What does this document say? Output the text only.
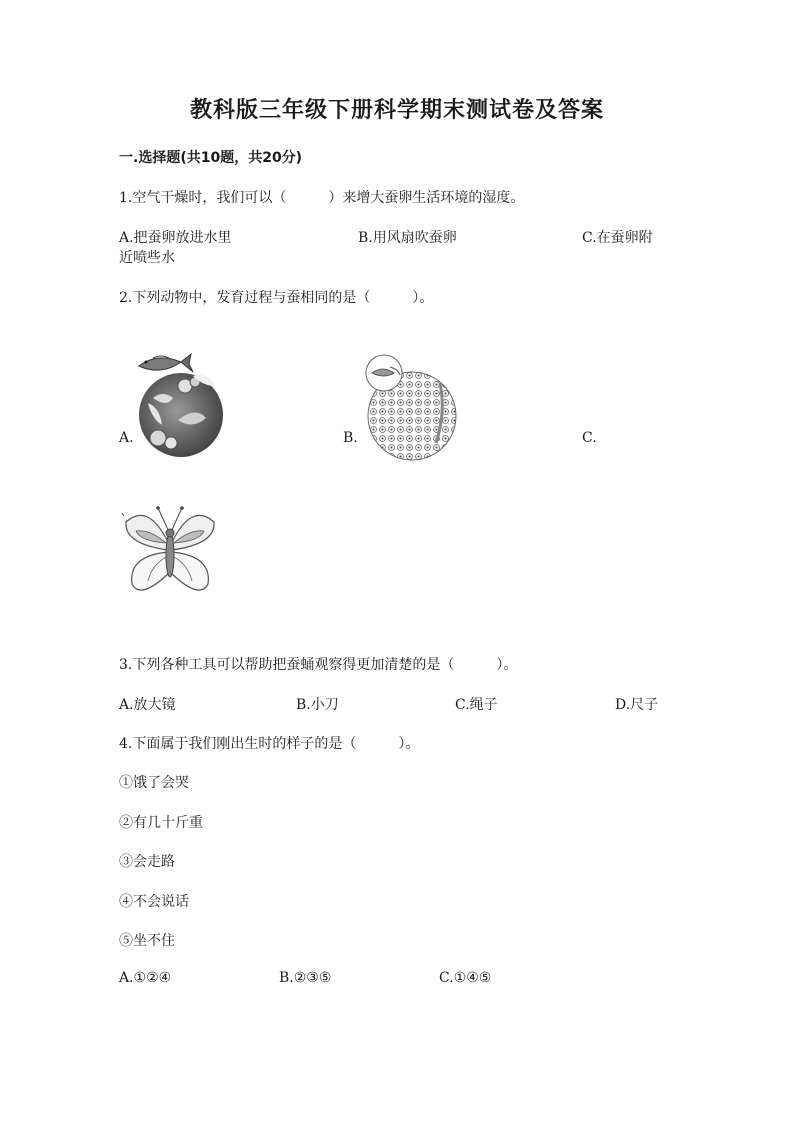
教科版三年级下册科学期末测试卷及答案
一.选择题(共10题，共20分)
1.空气干燥时，我们可以（　　　）来增大蚕卵生活环境的湿度。
A.把蚕卵放进水里	B.用风扇吹蚕卵	C.在蚕卵附
近喷些水
2.下列动物中，发育过程与蚕相同的是（　　　）。
A.	B.	C.
3.下列各种工具可以帮助把蚕蛹观察得更加清楚的是（　　　）。
A.放大镜	B.小刀	C.绳子	D.尺子
4.下面属于我们刚出生时的样子的是（　　　）。
①饿了会哭
②有几十斤重
③会走路
④不会说话
⑤坐不住
A.①②④	B.②③⑤	C.①④⑤
